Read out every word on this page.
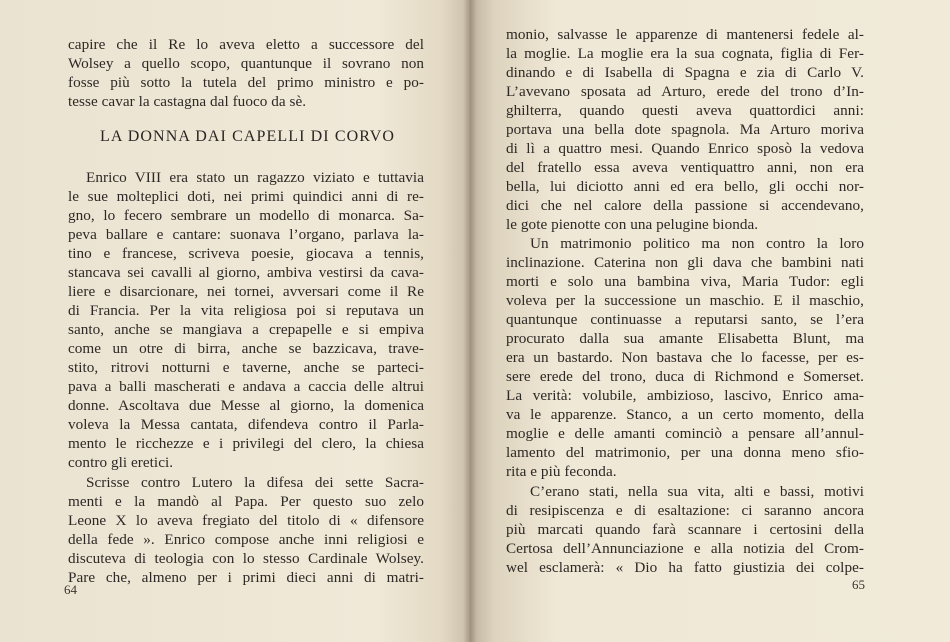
capire che il Re lo aveva eletto a successore del
Wolsey a quello scopo, quantunque il sovrano non
fosse più sotto la tutela del primo ministro e po-
tesse cavar la castagna dal fuoco da sè.
LA DONNA DAI CAPELLI DI CORVO
Enrico VIII era stato un ragazzo viziato e tuttavia
le sue molteplici doti, nei primi quindici anni di re-
gno, lo fecero sembrare un modello di monarca. Sa-
peva ballare e cantare: suonava l’organo, parlava la-
tino e francese, scriveva poesie, giocava a tennis,
stancava sei cavalli al giorno, ambiva vestirsi da cava-
liere e disarcionare, nei tornei, avversari come il Re
di Francia. Per la vita religiosa poi si reputava un
santo, anche se mangiava a crepapelle e si empiva
come un otre di birra, anche se bazzicava, trave-
stito, ritrovi notturni e taverne, anche se parteci-
pava a balli mascherati e andava a caccia delle altrui
donne. Ascoltava due Messe al giorno, la domenica
voleva la Messa cantata, difendeva contro il Parla-
mento le ricchezze e i privilegi del clero, la chiesa
contro gli eretici.
Scrisse contro Lutero la difesa dei sette Sacra-
menti e la mandò al Papa. Per questo suo zelo
Leone X lo aveva fregiato del titolo di « difensore
della fede ». Enrico compose anche inni religiosi e
discuteva di teologia con lo stesso Cardinale Wolsey.
Pare che, almeno per i primi dieci anni di matri-
64
monio, salvasse le apparenze di mantenersi fedele al-
la moglie. La moglie era la sua cognata, figlia di Fer-
dinando e di Isabella di Spagna e zia di Carlo V.
L’avevano sposata ad Arturo, erede del trono d’In-
ghilterra, quando questi aveva quattordici anni:
portava una bella dote spagnola. Ma Arturo moriva
di lì a quattro mesi. Quando Enrico sposò la vedova
del fratello essa aveva ventiquattro anni, non era
bella, lui diciotto anni ed era bello, gli occhi nor-
dici che nel calore della passione si accendevano,
le gote pienotte con una pelugine bionda.
Un matrimonio politico ma non contro la loro
inclinazione. Caterina non gli dava che bambini nati
morti e solo una bambina viva, Maria Tudor: egli
voleva per la successione un maschio. E il maschio,
quantunque continuasse a reputarsi santo, se l’era
procurato dalla sua amante Elisabetta Blunt, ma
era un bastardo. Non bastava che lo facesse, per es-
sere erede del trono, duca di Richmond e Somerset.
La verità: volubile, ambizioso, lascivo, Enrico ama-
va le apparenze. Stanco, a un certo momento, della
moglie e delle amanti cominciò a pensare all’annul-
lamento del matrimonio, per una donna meno sfio-
rita e più feconda.
C’erano stati, nella sua vita, alti e bassi, motivi
di resipiscenza e di esaltazione: ci saranno ancora
più marcati quando farà scannare i certosini della
Certosa dell’Annunciazione e alla notizia del Crom-
wel esclamerà: « Dio ha fatto giustizia dei colpe-
65
